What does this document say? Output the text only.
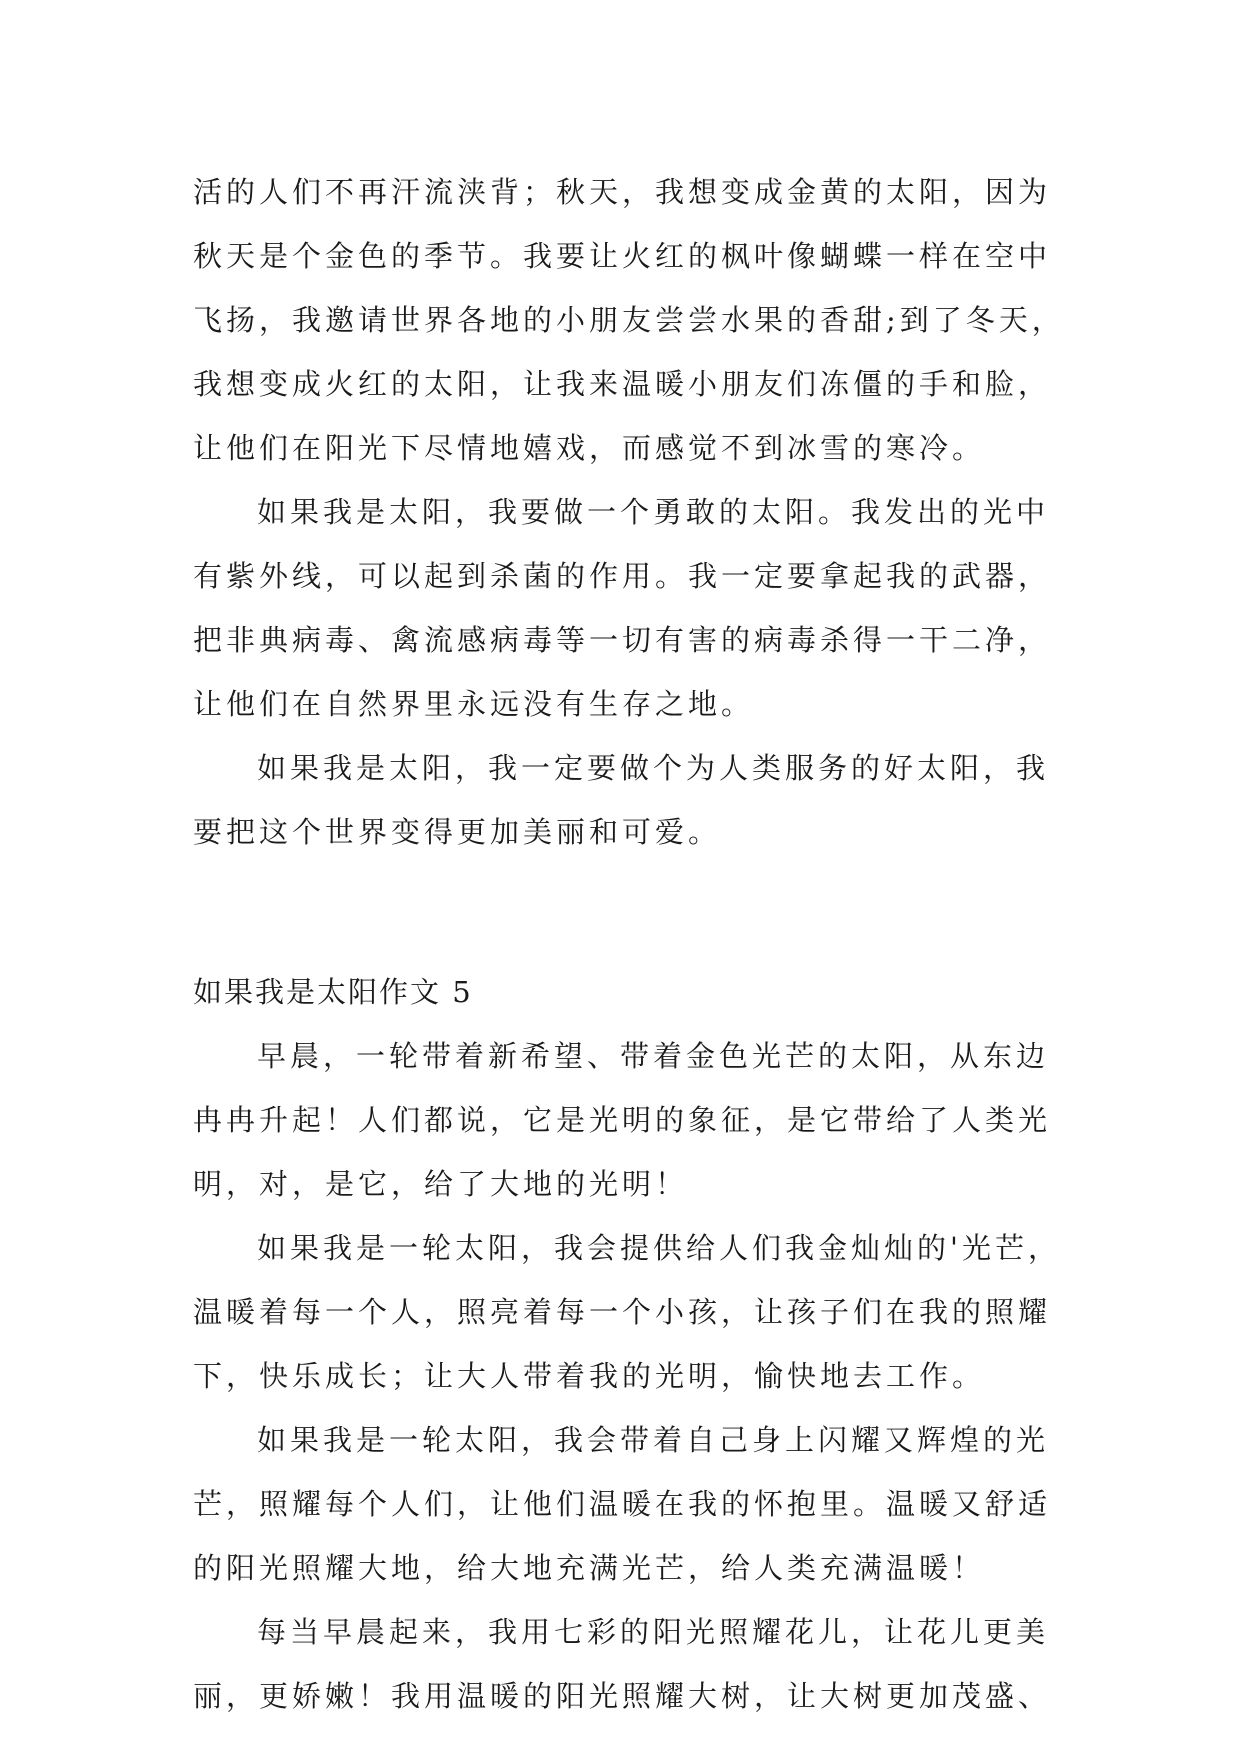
活的人们不再汗流浃背；秋天，我想变成金黄的太阳，因为
秋天是个金色的季节。我要让火红的枫叶像蝴蝶一样在空中
飞扬，我邀请世界各地的小朋友尝尝水果的香甜;到了冬天，
我想变成火红的太阳，让我来温暖小朋友们冻僵的手和脸，
让他们在阳光下尽情地嬉戏，而感觉不到冰雪的寒冷。
如果我是太阳，我要做一个勇敢的太阳。我发出的光中
有紫外线，可以起到杀菌的作用。我一定要拿起我的武器，
把非典病毒、禽流感病毒等一切有害的病毒杀得一干二净，
让他们在自然界里永远没有生存之地。
如果我是太阳，我一定要做个为人类服务的好太阳，我
要把这个世界变得更加美丽和可爱。
如果我是太阳作文 5
早晨，一轮带着新希望、带着金色光芒的太阳，从东边
冉冉升起！人们都说，它是光明的象征，是它带给了人类光
明，对，是它，给了大地的光明！
如果我是一轮太阳，我会提供给人们我金灿灿的'光芒，
温暖着每一个人，照亮着每一个小孩，让孩子们在我的照耀
下，快乐成长；让大人带着我的光明，愉快地去工作。
如果我是一轮太阳，我会带着自己身上闪耀又辉煌的光
芒，照耀每个人们，让他们温暖在我的怀抱里。温暖又舒适
的阳光照耀大地，给大地充满光芒，给人类充满温暖！
每当早晨起来，我用七彩的阳光照耀花儿，让花儿更美
丽，更娇嫩！我用温暖的阳光照耀大树，让大树更加茂盛、
